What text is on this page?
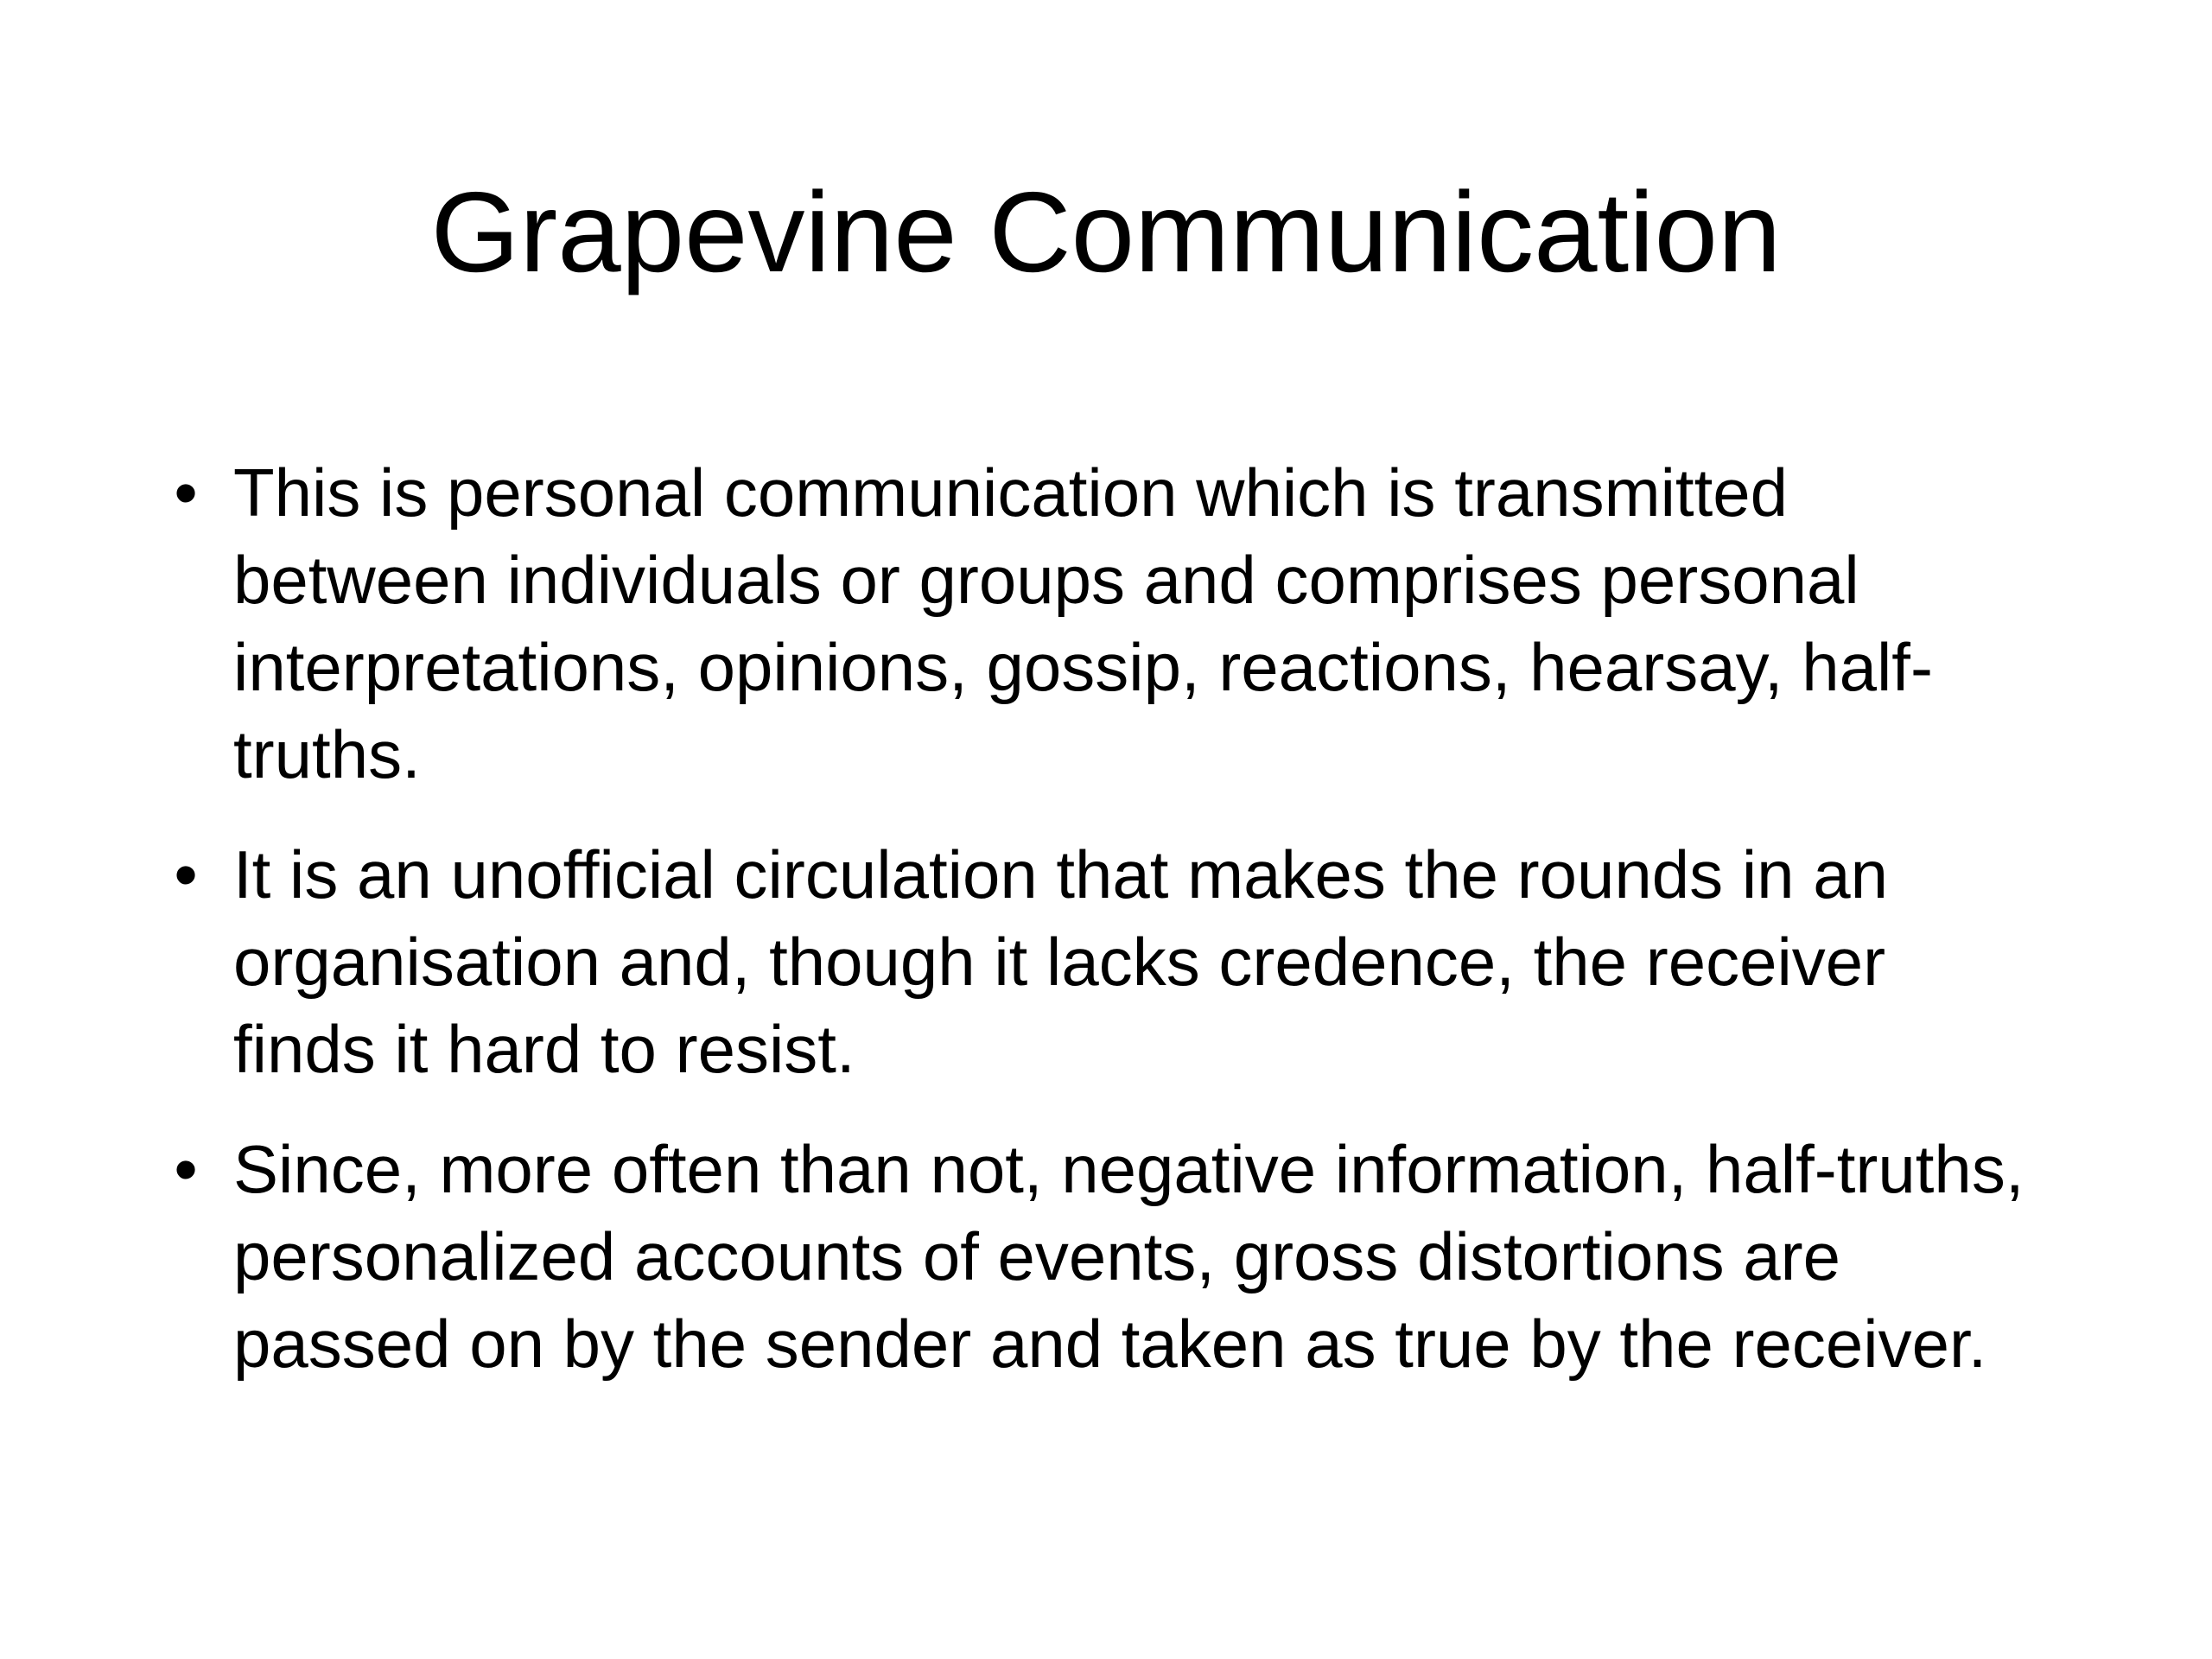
Grapevine Communication
• This is personal communication which is transmitted between individuals or groups and comprises personal interpretations, opinions, gossip, reactions, hearsay, half-truths.
• It is an unofficial circulation that makes the rounds in an organisation and, though it lacks credence, the receiver finds it hard to resist.
• Since, more often than not, negative information, half-truths, personalized accounts of events, gross distortions are passed on by the sender and taken as true by the receiver.
